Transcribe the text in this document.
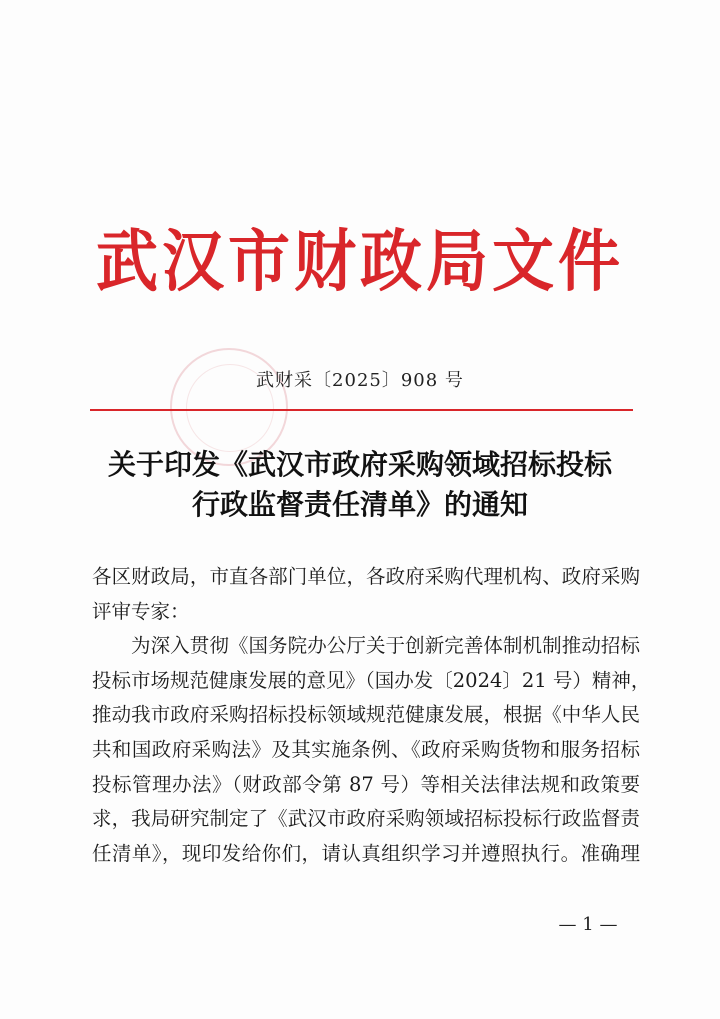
武汉市财政局文件
武财采〔2025〕908 号
关于印发《武汉市政府采购领域招标投标
行政监督责任清单》的通知

各区财政局，市直各部门单位，各政府采购代理机构、政府采购
评审专家：

为深入贯彻《国务院办公厅关于创新完善体制机制推动招标
投标市场规范健康发展的意见》（国办发〔2024〕21 号）精神，
推动我市政府采购招标投标领域规范健康发展，根据《中华人民
共和国政府采购法》及其实施条例、《政府采购货物和服务招标
投标管理办法》（财政部令第 87 号）等相关法律法规和政策要
求，我局研究制定了《武汉市政府采购领域招标投标行政监督责
任清单》，现印发给你们，请认真组织学习并遵照执行。准确理

— 1 —
